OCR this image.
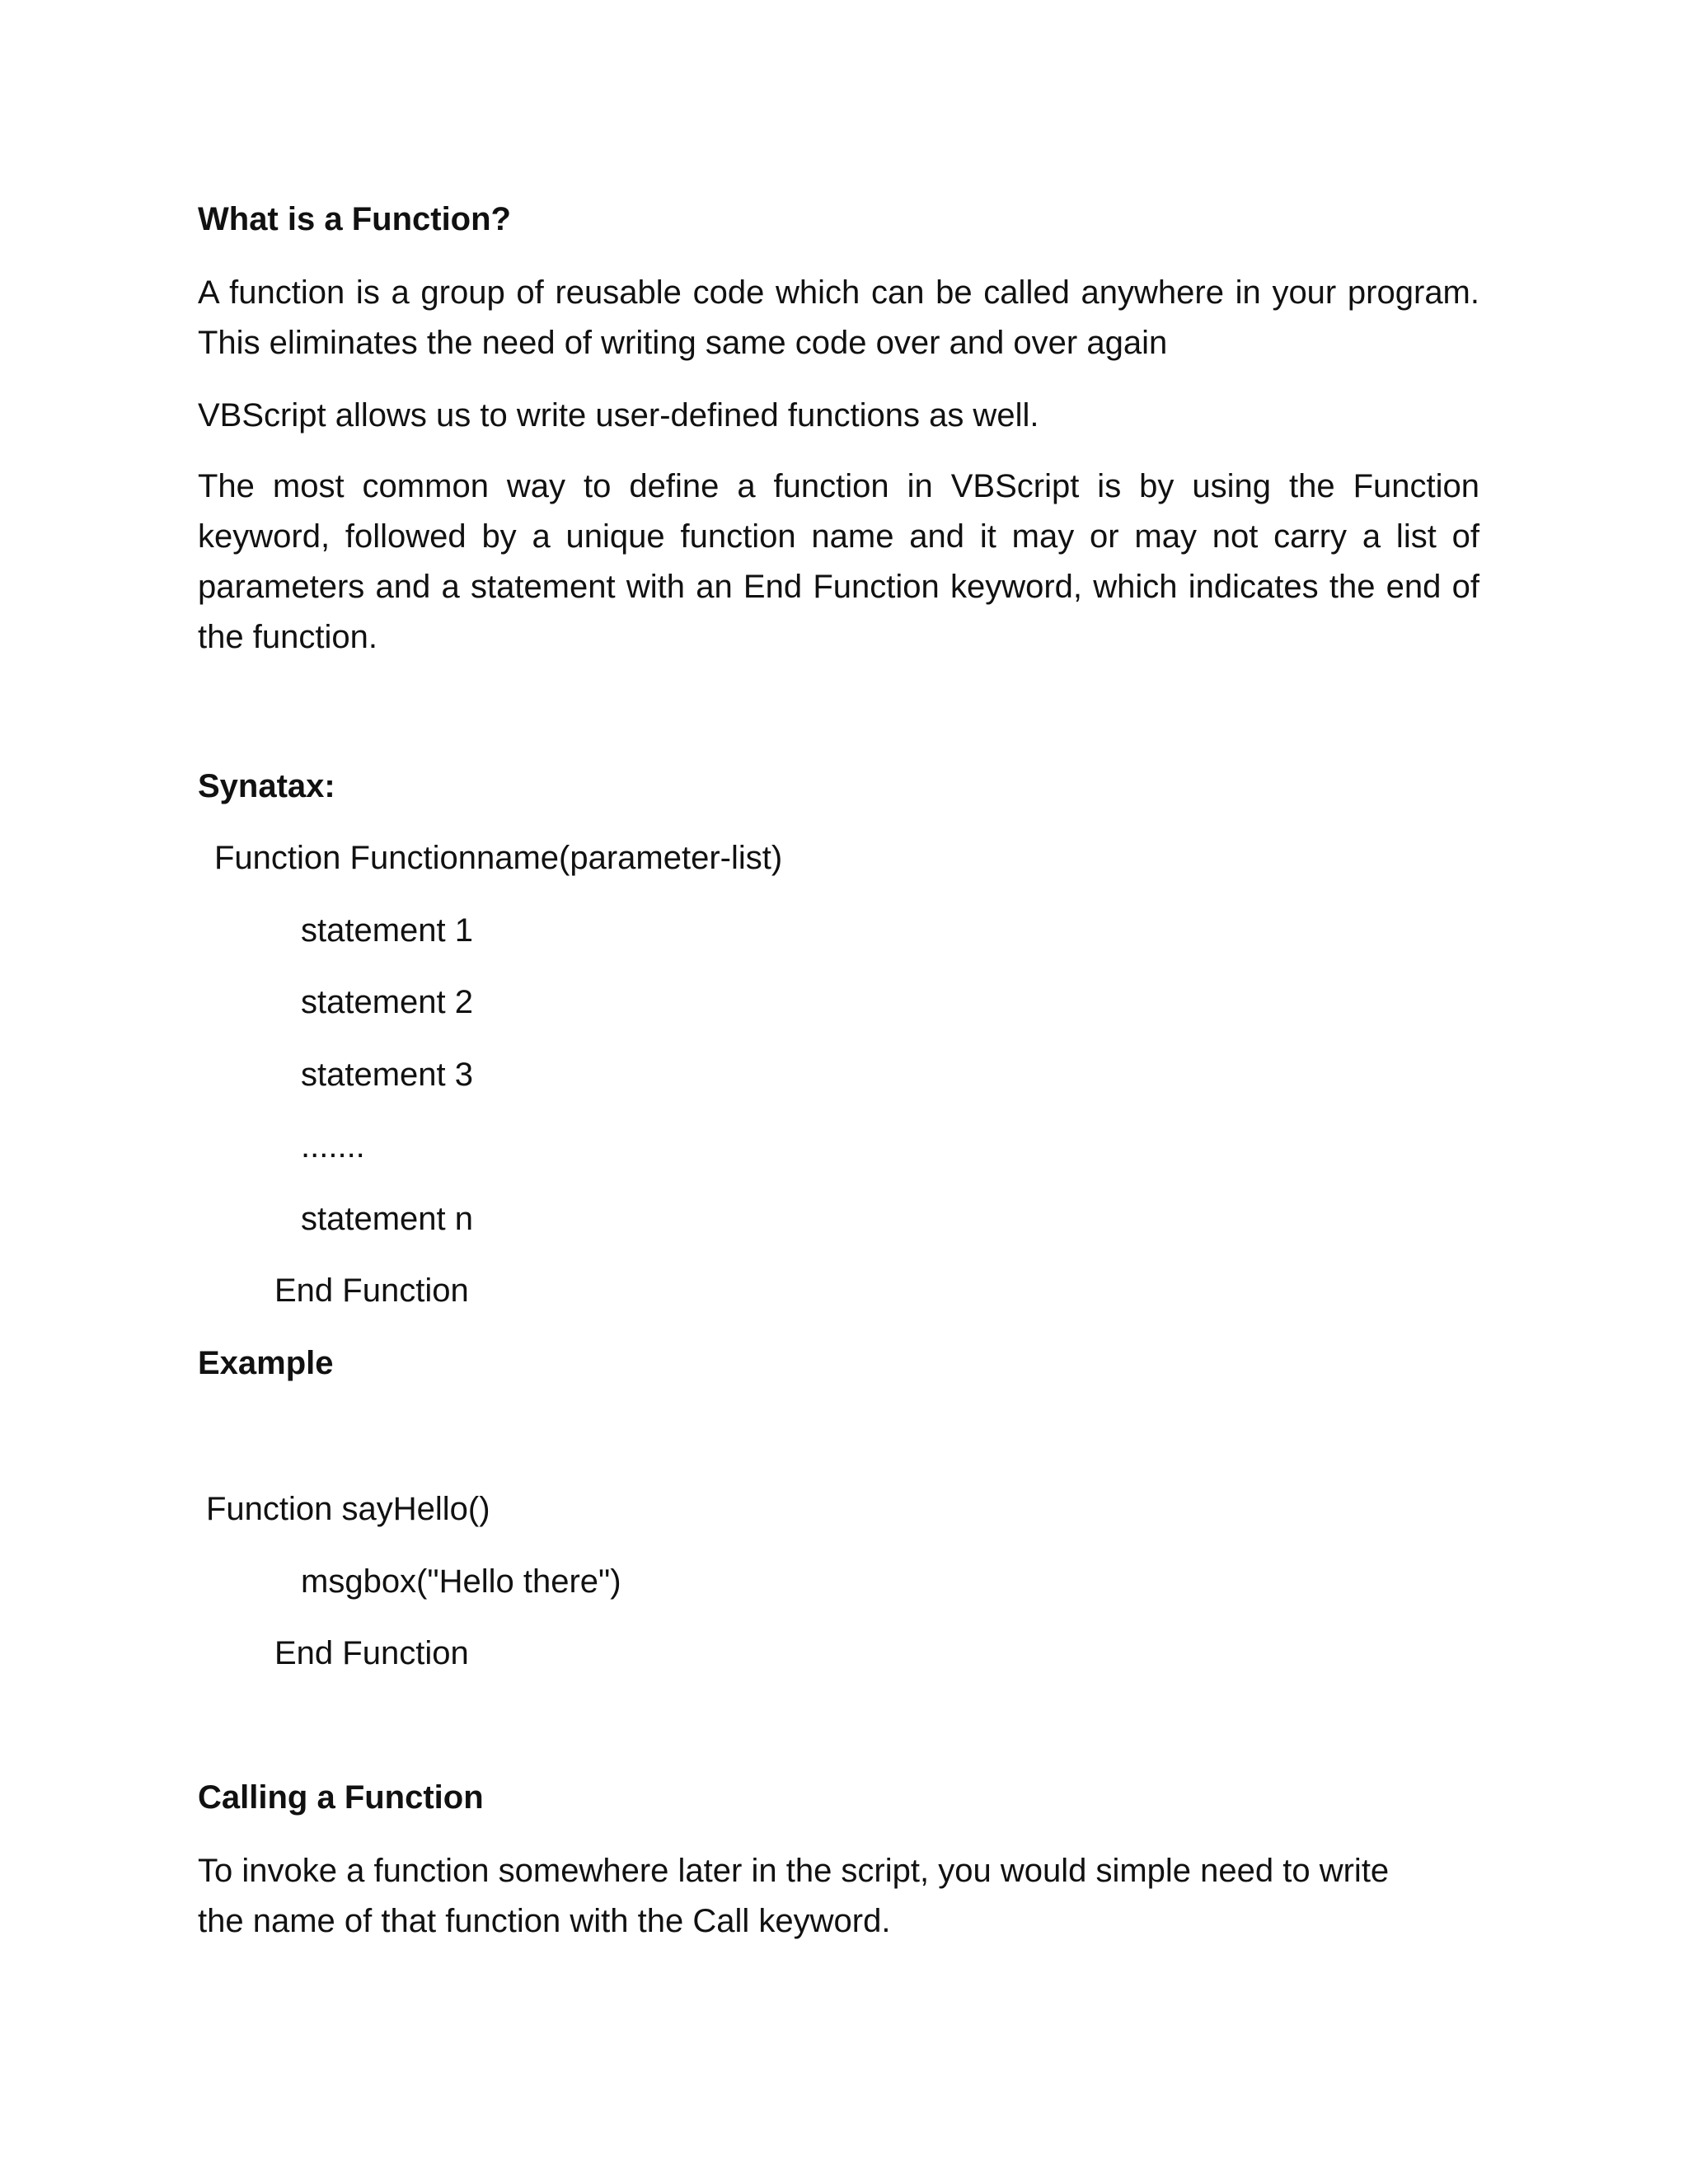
What is a Function?
A function is a group of reusable code which can be called anywhere in your program. This eliminates the need of writing same code over and over again
VBScript allows us to write user-defined functions as well.
The most common way to define a function in VBScript is by using the Function keyword, followed by a unique function name and it may or may not carry a list of parameters and a statement with an End Function keyword, which indicates the end of the function.
Synatax:
Function Functionname(parameter-list)
statement 1
statement 2
statement 3
.......
statement n
End Function
Example
Function sayHello()
msgbox("Hello there")
End Function
Calling a Function
To invoke a function somewhere later in the script, you would simple need to write the name of that function with the Call keyword.
